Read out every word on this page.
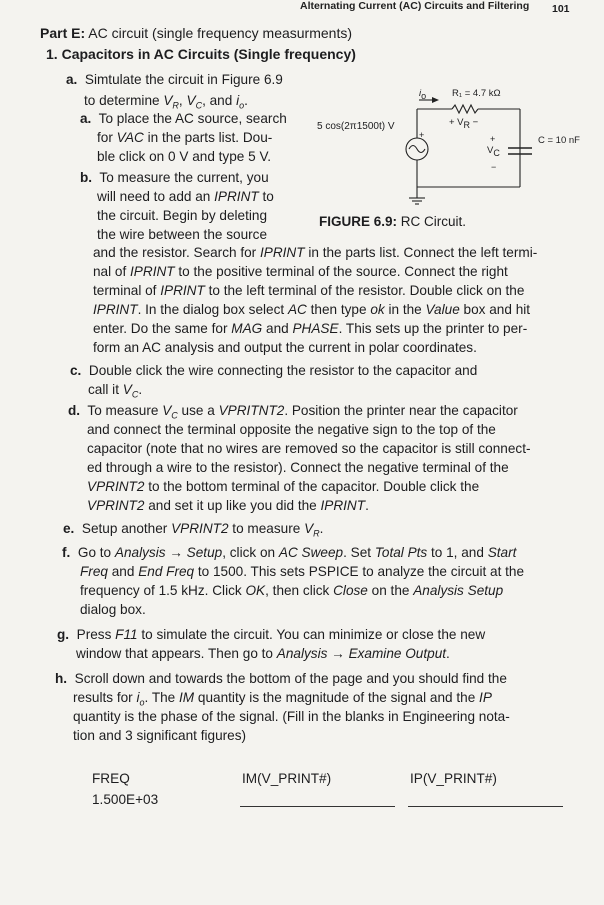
Alternating Current (AC) Circuits and Filtering 101
Part E: AC circuit (single frequency measurments)
1. Capacitors in AC Circuits (Single frequency)
$i_o$	R₁ = 4.7 kΩ
+ $V_R$ −
5 cos(2π1500t) V
+	C = 10 nF
+
$V_C$
−
FIGURE 6.9: RC Circuit.
a.  Simtulate the circuit in Figure 6.9
to determine $V_R$, $V_C$, and $i_o$.
a.  To place the AC source, search
for VAC in the parts list. Dou-
ble click on 0 V and type 5 V.
b.  To measure the current, you
will need to add an IPRINT to
the circuit. Begin by deleting
the wire between the source
and the resistor. Search for IPRINT in the parts list. Connect the left termi-
nal of IPRINT to the positive terminal of the source. Connect the right
terminal of IPRINT to the left terminal of the resistor. Double click on the
IPRINT. In the dialog box select AC then type ok in the Value box and hit
enter. Do the same for MAG and PHASE. This sets up the printer to per-
form an AC analysis and output the current in polar coordinates.
c.  Double click the wire connecting the resistor to the capacitor and
call it $V_C$.
d.  To measure $V_C$ use a VPRITNT2. Position the printer near the capacitor
and connect the terminal opposite the negative sign to the top of the
capacitor (note that no wires are removed so the capacitor is still connect-
ed through a wire to the resistor). Connect the negative terminal of the
VPRINT2 to the bottom terminal of the capacitor. Double click the
VPRINT2 and set it up like you did the IPRINT.
e.  Setup another VPRINT2 to measure $V_R$.
f.  Go to Analysis → Setup, click on AC Sweep. Set Total Pts to 1, and Start
Freq and End Freq to 1500. This sets PSPICE to analyze the circuit at the
frequency of 1.5 kHz. Click OK, then click Close on the Analysis Setup
dialog box.
g.  Press F11 to simulate the circuit. You can minimize or close the new
window that appears. Then go to Analysis → Examine Output.
h.  Scroll down and towards the bottom of the page and you should find the
results for $i_o$. The IM quantity is the magnitude of the signal and the IP
quantity is the phase of the signal. (Fill in the blanks in Engineering nota-
tion and 3 significant figures)
FREQ	IM(V_PRINT#)	IP(V_PRINT#)
1.500E+03
